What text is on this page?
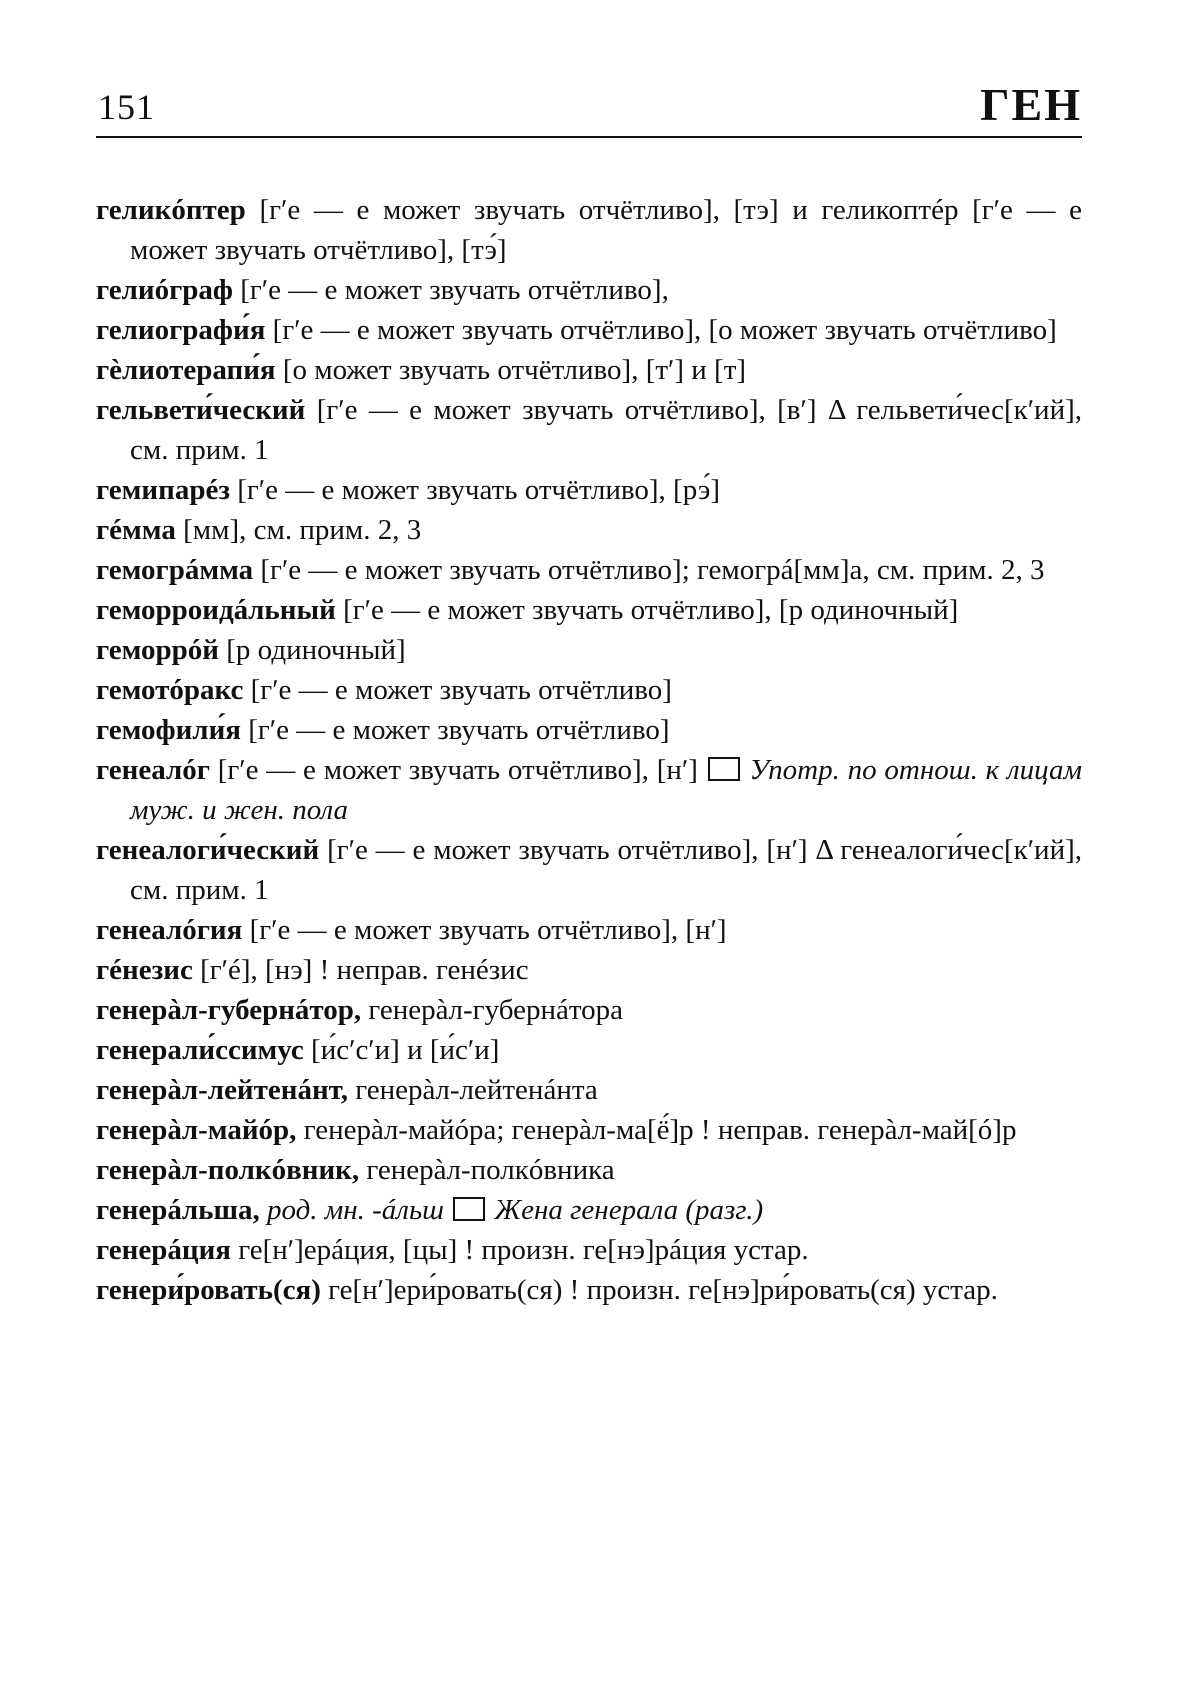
151	ГЕН

геликóптер [гʹе — е может звучать отчётливо], [тэ] и геликоптéр [гʹе — е может звучать отчётливо], [тэ́]

гелиóграф [гʹе — е может звучать отчётливо],

гелиографи́я [гʹе — е может звучать отчётливо], [о может звучать отчётливо]

гèлиотерапи́я [о может звучать отчётливо], [тʹ] и [т]

гельвети́ческий [гʹе — е может звучать отчётливо], [вʹ] Δ гельвети́чес[кʹий], см. прим. 1

гемипарéз [гʹе — е может звучать отчётливо], [рэ́]

гéмма [мм], см. прим. 2, 3

гемогрáмма [гʹе — е может звучать отчётливо]; гемогрá[мм]а, см. прим. 2, 3

геморроидáльный [гʹе — е может звучать отчётливо], [р одиночный]

геморрóй [р одиночный]

гемотóракс [гʹе — е может звучать отчётливо]

гемофили́я [гʹе — е может звучать отчётливо]

генеалóг [гʹе — е может звучать отчётливо], [нʹ] Употр. по отнош. к лицам муж. и жен. пола

генеалоги́ческий [гʹе — е может звучать отчётливо], [нʹ] Δ генеалоги́чес[кʹий], см. прим. 1

генеалóгия [гʹе — е может звучать отчётливо], [нʹ]

гéнезис [гʹé], [нэ] ! неправ. генéзис

генерàл-губернáтор, генерàл-губернáтора

генерали́ссимус [и́сʹсʹи] и [и́сʹи]

генерàл-лейтенáнт, генерàл-лейтенáнта

генерàл-майóр, генерàл-майóра; генерàл-ма[ё́]р ! неправ. генерàл-май[ó]р

генерàл-полкóвник, генерàл-полкóвника

генерáльша, род. мн. -áльш Жена генерала (разг.)

генерáция ге[нʹ]ерáция, [цы] ! произн. ге[нэ]рáция устар.

генери́ровать(ся) ге[нʹ]ери́ровать(ся) ! произн. ге[нэ]ри́ровать(ся) устар.
